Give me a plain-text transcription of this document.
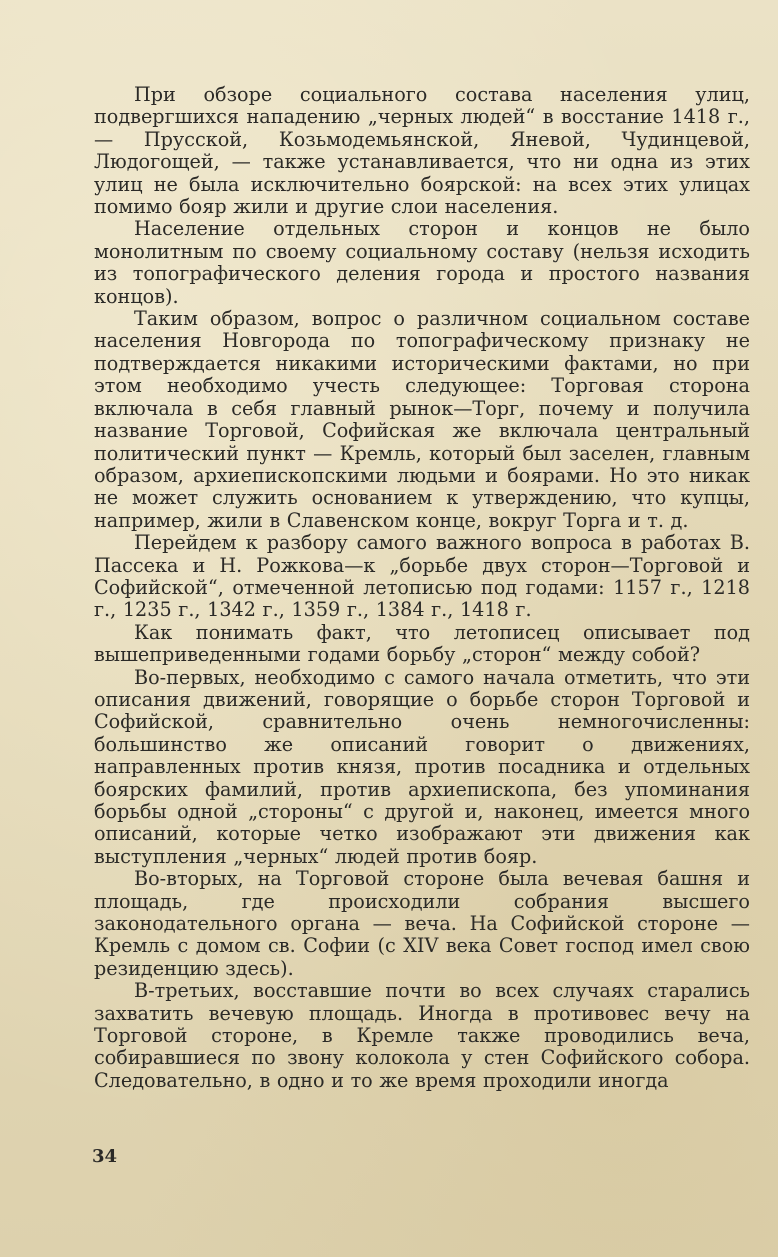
При обзоре социального состава населения улиц, подвергшихся нападению „черных людей“ в восстание 1418 г.,— Прусской, Козьмодемьянской, Яневой, Чудинцевой, Людогощей, — также устанавливается, что ни одна из этих улиц не была исключительно боярской: на всех этих улицах помимо бояр жили и другие слои населения.

Население отдельных сторон и концов не было монолитным по своему социальному составу (нельзя исходить из топографического деления города и простого названия концов).

Таким образом, вопрос о различном социальном составе населения Новгорода по топографическому признаку не подтверждается никакими историческими фактами, но при этом необходимо учесть следующее: Торговая сторона включала в себя главный рынок—Торг, почему и получила название Торговой, Софийская же включала центральный политический пункт — Кремль, который был заселен, главным образом, архиепископскими людьми и боярами. Но это никак не может служить основанием к утверждению, что купцы, например, жили в Славенском конце, вокруг Торга и т. д.

Перейдем к разбору самого важного вопроса в работах В. Пассека и Н. Рожкова—к „борьбе двух сторон—Торговой и Софийской“, отмеченной летописью под годами: 1157 г., 1218 г., 1235 г., 1342 г., 1359 г., 1384 г., 1418 г.

Как понимать факт, что летописец описывает под вышеприведенными годами борьбу „сторон“ между собой?

Во-первых, необходимо с самого начала отметить, что эти описания движений, говорящие о борьбе сторон Торговой и Софийской, сравнительно очень немногочисленны: большинство же описаний говорит о движениях, направленных против князя, против посадника и отдельных боярских фамилий, против архиепископа, без упоминания борьбы одной „стороны“ с другой и, наконец, имеется много описаний, которые четко изображают эти движения как выступления „черных“ людей против бояр.

Во-вторых, на Торговой стороне была вечевая башня и площадь, где происходили собрания высшего законодательного органа — веча. На Софийской стороне — Кремль с домом св. Софии (с XIV века Совет господ имел свою резиденцию здесь).

В-третьих, восставшие почти во всех случаях старались захватить вечевую площадь. Иногда в противовес вечу на Торговой стороне, в Кремле также проводились веча, собиравшиеся по звону колокола у стен Софийского собора. Следовательно, в одно и то же время проходили иногда

34
